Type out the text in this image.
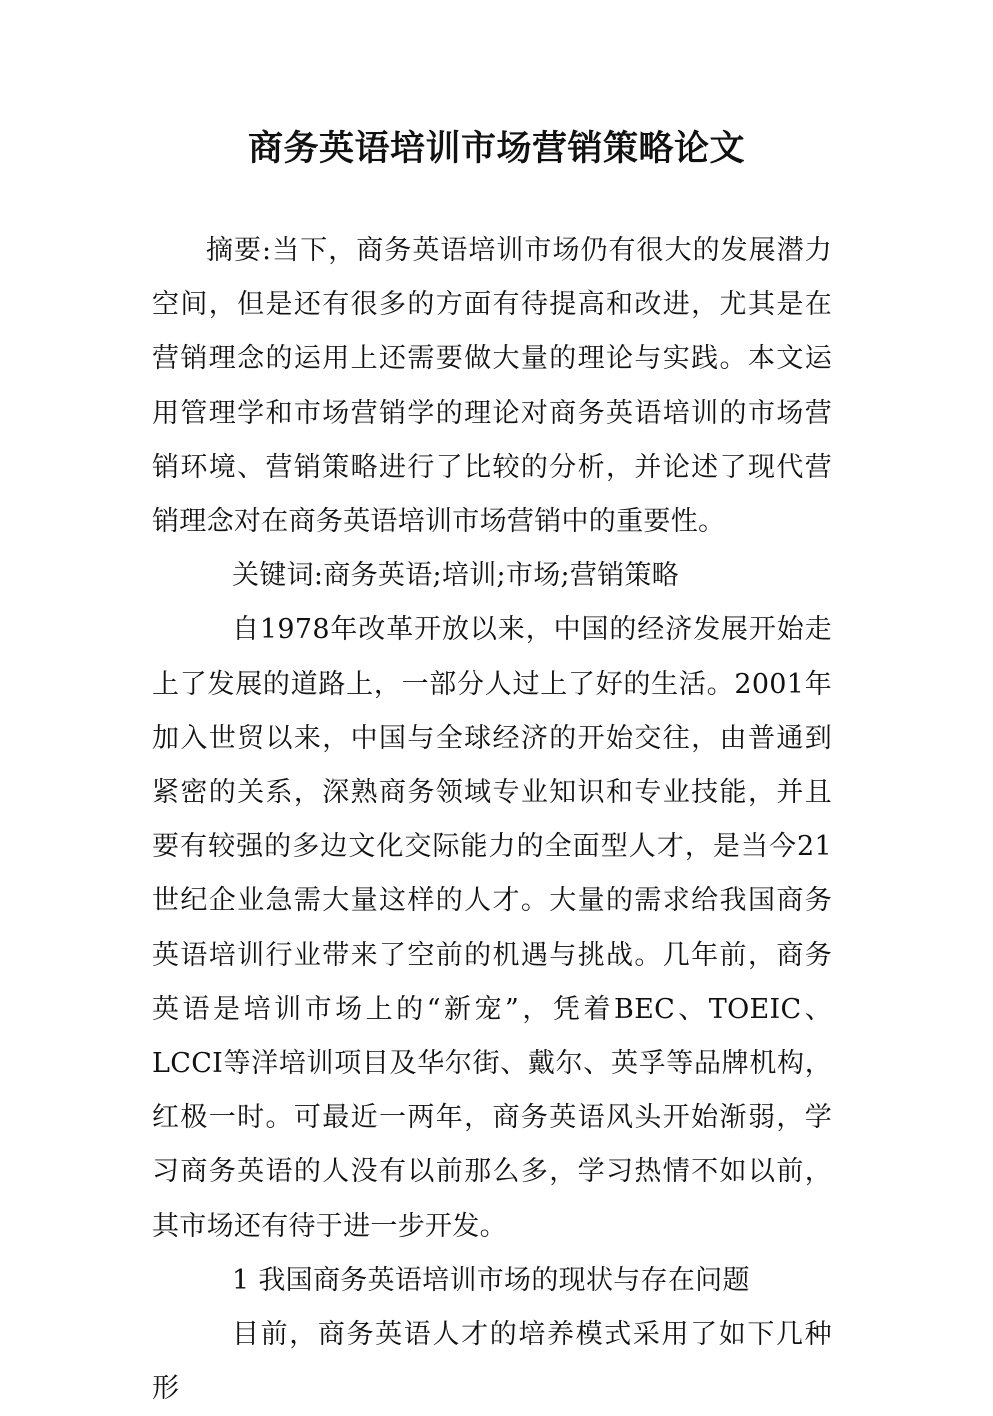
商务英语培训市场营销策略论文

摘要:当下，商务英语培训市场仍有很大的发展潜力空间，但是还有很多的方面有待提高和改进，尤其是在营销理念的运用上还需要做大量的理论与实践。本文运用管理学和市场营销学的理论对商务英语培训的市场营销环境、营销策略进行了比较的分析，并论述了现代营销理念对在商务英语培训市场营销中的重要性。

关键词:商务英语;培训;市场;营销策略

自1978年改革开放以来，中国的经济发展开始走上了发展的道路上，一部分人过上了好的生活。2001年加入世贸以来，中国与全球经济的开始交往，由普通到紧密的关系，深熟商务领域专业知识和专业技能，并且要有较强的多边文化交际能力的全面型人才，是当今21世纪企业急需大量这样的人才。大量的需求给我国商务英语培训行业带来了空前的机遇与挑战。几年前，商务英语是培训市场上的“新宠”，凭着BEC、TOEIC、LCCI等洋培训项目及华尔街、戴尔、英孚等品牌机构，红极一时。可最近一两年，商务英语风头开始渐弱，学习商务英语的人没有以前那么多，学习热情不如以前，其市场还有待于进一步开发。

1 我国商务英语培训市场的现状与存在问题

目前，商务英语人才的培养模式采用了如下几种形
